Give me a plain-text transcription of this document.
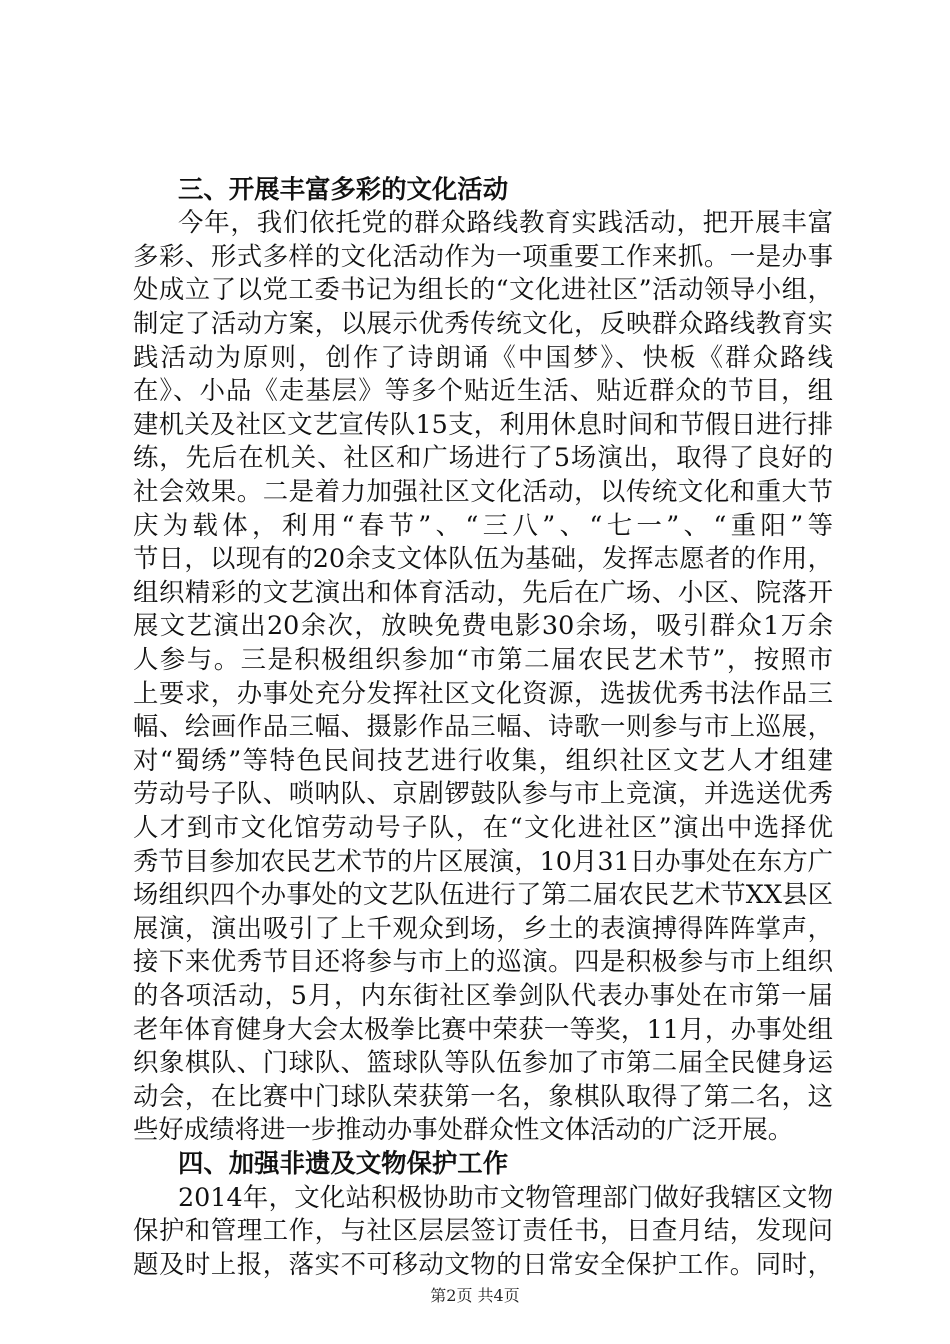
三、开展丰富多彩的文化活动
今年，我们依托党的群众路线教育实践活动，把开展丰富
多彩、形式多样的文化活动作为一项重要工作来抓。一是办事
处成立了以党工委书记为组长的“文化进社区”活动领导小组，
制定了活动方案，以展示优秀传统文化，反映群众路线教育实
践活动为原则，创作了诗朗诵《中国梦》、快板《群众路线
在》、小品《走基层》等多个贴近生活、贴近群众的节目，组
建机关及社区文艺宣传队15支，利用休息时间和节假日进行排
练，先后在机关、社区和广场进行了5场演出，取得了良好的
社会效果。二是着力加强社区文化活动，以传统文化和重大节
庆为载体，利用“春节”、“三八”、“七一”、“重阳”等
节日，以现有的20余支文体队伍为基础，发挥志愿者的作用，
组织精彩的文艺演出和体育活动，先后在广场、小区、院落开
展文艺演出20余次，放映免费电影30余场，吸引群众1万余
人参与。三是积极组织参加“市第二届农民艺术节”，按照市
上要求，办事处充分发挥社区文化资源，选拔优秀书法作品三
幅、绘画作品三幅、摄影作品三幅、诗歌一则参与市上巡展，
对“蜀绣”等特色民间技艺进行收集，组织社区文艺人才组建
劳动号子队、唢呐队、京剧锣鼓队参与市上竞演，并选送优秀
人才到市文化馆劳动号子队，在“文化进社区”演出中选择优
秀节目参加农民艺术节的片区展演，10月31日办事处在东方广
场组织四个办事处的文艺队伍进行了第二届农民艺术节XX县区
展演，演出吸引了上千观众到场，乡土的表演搏得阵阵掌声，
接下来优秀节目还将参与市上的巡演。四是积极参与市上组织
的各项活动，5月，内东街社区拳剑队代表办事处在市第一届
老年体育健身大会太极拳比赛中荣获一等奖，11月，办事处组
织象棋队、门球队、篮球队等队伍参加了市第二届全民健身运
动会，在比赛中门球队荣获第一名，象棋队取得了第二名，这
些好成绩将进一步推动办事处群众性文体活动的广泛开展。
四、加强非遗及文物保护工作
2014年，文化站积极协助市文物管理部门做好我辖区文物
保护和管理工作，与社区层层签订责任书，日查月结，发现问
题及时上报，落实不可移动文物的日常安全保护工作。同时，
第2页 共4页
